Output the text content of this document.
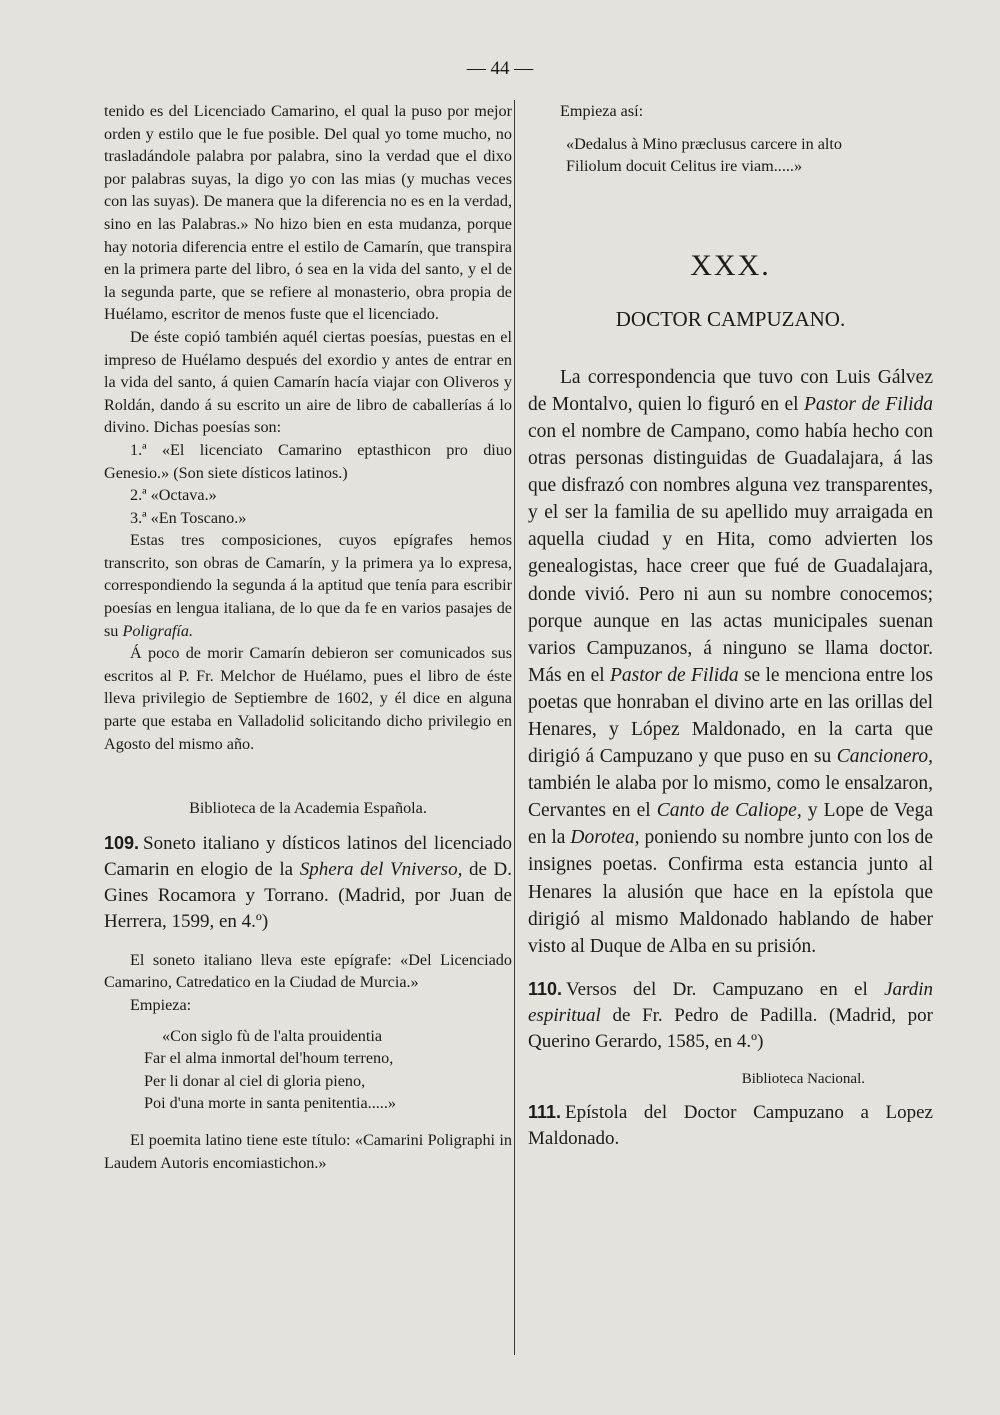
— 44 —

tenido es del Licenciado Camarino, el qual la puso por mejor orden y estilo que le fue posible. Del qual yo tome mucho, no trasladándole palabra por palabra, sino la verdad que el dixo por palabras suyas, la digo yo con las mias (y muchas veces con las suyas). De manera que la diferencia no es en la verdad, sino en las Palabras.» No hizo bien en esta mudanza, porque hay notoria diferencia entre el estilo de Camarín, que transpira en la primera parte del libro, ó sea en la vida del santo, y el de la segunda parte, que se refiere al monasterio, obra propia de Huélamo, escritor de menos fuste que el licenciado.

De éste copió también aquél ciertas poesías, puestas en el impreso de Huélamo después del exordio y antes de entrar en la vida del santo, á quien Camarín hacía viajar con Oliveros y Roldán, dando á su escrito un aire de libro de caballerías á lo divino. Dichas poesías son:

1.ª «El licenciato Camarino eptasthicon pro diuo Genesio.» (Son siete dísticos latinos.)

2.ª «Octava.»

3.ª «En Toscano.»

Estas tres composiciones, cuyos epígrafes hemos transcrito, son obras de Camarín, y la primera ya lo expresa, correspondiendo la segunda á la aptitud que tenía para escribir poesías en lengua italiana, de lo que da fe en varios pasajes de su Poligrafía.

Á poco de morir Camarín debieron ser comunicados sus escritos al P. Fr. Melchor de Huélamo, pues el libro de éste lleva privilegio de Septiembre de 1602, y él dice en alguna parte que estaba en Valladolid solicitando dicho privilegio en Agosto del mismo año.

Biblioteca de la Academia Española.

109. Soneto italiano y dísticos latinos del licenciado Camarin en elogio de la Sphera del Vniverso, de D. Gines Rocamora y Torrano. (Madrid, por Juan de Herrera, 1599, en 4.º)

El soneto italiano lleva este epígrafe: «Del Licenciado Camarino, Catredatico en la Ciudad de Murcia.»

Empieza:

«Con siglo fù de l'alta prouidentia

Far el alma inmortal del'houm terreno,

Per li donar al ciel di gloria pieno,

Poi d'una morte in santa penitentia.....»

El poemita latino tiene este título: «Camarini Poligraphi in Laudem Autoris encomiastichon.»

Empieza así:

«Dedalus à Mino præclusus carcere in alto

Filiolum docuit Celitus ire viam.....»

XXX.
DOCTOR CAMPUZANO.

La correspondencia que tuvo con Luis Gálvez de Montalvo, quien lo figuró en el Pastor de Filida con el nombre de Campano, como había hecho con otras personas distinguidas de Guadalajara, á las que disfrazó con nombres alguna vez transparentes, y el ser la familia de su apellido muy arraigada en aquella ciudad y en Hita, como advierten los genealogistas, hace creer que fué de Guadalajara, donde vivió. Pero ni aun su nombre conocemos; porque aunque en las actas municipales suenan varios Campuzanos, á ninguno se llama doctor. Más en el Pastor de Filida se le menciona entre los poetas que honraban el divino arte en las orillas del Henares, y López Maldonado, en la carta que dirigió á Campuzano y que puso en su Cancionero, también le alaba por lo mismo, como le ensalzaron, Cervantes en el Canto de Caliope, y Lope de Vega en la Dorotea, poniendo su nombre junto con los de insignes poetas. Confirma esta estancia junto al Henares la alusión que hace en la epístola que dirigió al mismo Maldonado hablando de haber visto al Duque de Alba en su prisión.

110. Versos del Dr. Campuzano en el Jardin espiritual de Fr. Pedro de Padilla. (Madrid, por Querino Gerardo, 1585, en 4.º)

Biblioteca Nacional.

111. Epístola del Doctor Campuzano a Lopez Maldonado.
